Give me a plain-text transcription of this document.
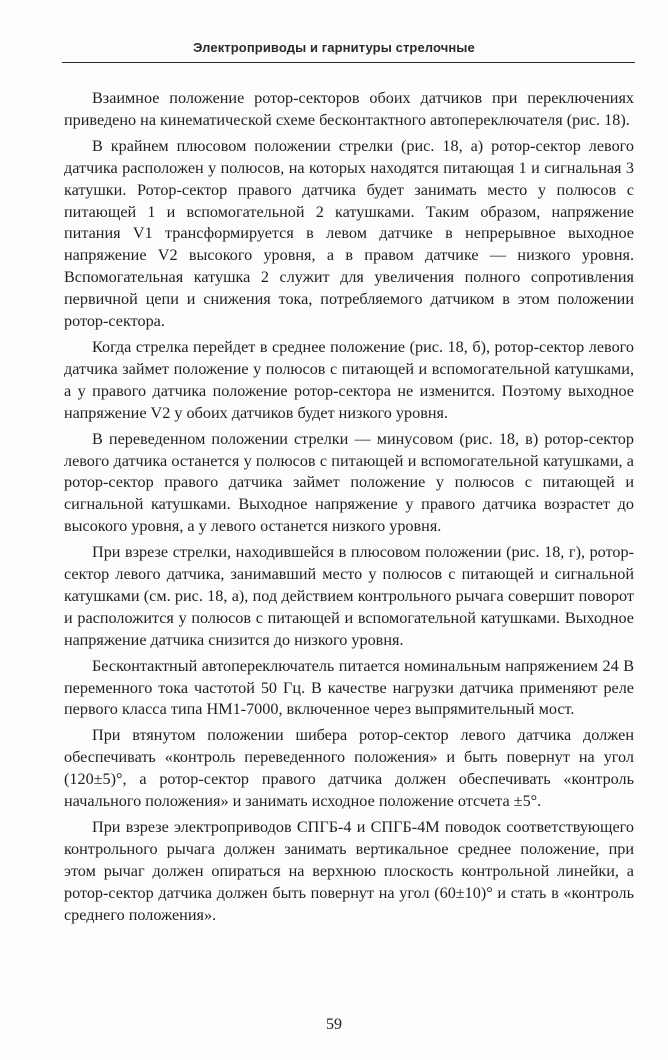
Электроприводы и гарнитуры стрелочные

Взаимное положение ротор-секторов обоих датчиков при переключениях приведено на кинематической схеме бесконтактного автопереключателя (рис. 18).

В крайнем плюсовом положении стрелки (рис. 18, а) ротор-сектор левого датчика расположен у полюсов, на которых находятся питающая 1 и сигнальная 3 катушки. Ротор-сектор правого датчика будет занимать место у полюсов с питающей 1 и вспомогательной 2 катушками. Таким образом, напряжение питания V1 трансформируется в левом датчике в непрерывное выходное напряжение V2 высокого уровня, а в правом датчике — низкого уровня. Вспомогательная катушка 2 служит для увеличения полного сопротивления первичной цепи и снижения тока, потребляемого датчиком в этом положении ротор-сектора.

Когда стрелка перейдет в среднее положение (рис. 18, б), ротор-сектор левого датчика займет положение у полюсов с питающей и вспомогательной катушками, а у правого датчика положение ротор-сектора не изменится. Поэтому выходное напряжение V2 у обоих датчиков будет низкого уровня.

В переведенном положении стрелки — минусовом (рис. 18, в) ротор-сектор левого датчика останется у полюсов с питающей и вспомогательной катушками, а ротор-сектор правого датчика займет положение у полюсов с питающей и сигнальной катушками. Выходное напряжение у правого датчика возрастет до высокого уровня, а у левого останется низкого уровня.

При взрезе стрелки, находившейся в плюсовом положении (рис. 18, г), ротор-сектор левого датчика, занимавший место у полюсов с питающей и сигнальной катушками (см. рис. 18, а), под действием контрольного рычага совершит поворот и расположится у полюсов с питающей и вспомогательной катушками. Выходное напряжение датчика снизится до низкого уровня.

Бесконтактный автопереключатель питается номинальным напряжением 24 В переменного тока частотой 50 Гц. В качестве нагрузки датчика применяют реле первого класса типа НМ1-7000, включенное через выпрямительный мост.

При втянутом положении шибера ротор-сектор левого датчика должен обеспечивать «контроль переведенного положения» и быть повернут на угол (120±5)°, а ротор-сектор правого датчика должен обеспечивать «контроль начального положения» и занимать исходное положение отсчета ±5°.

При взрезе электроприводов СПГБ-4 и СПГБ-4М поводок соответствующего контрольного рычага должен занимать вертикальное среднее положение, при этом рычаг должен опираться на верхнюю плоскость контрольной линейки, а ротор-сектор датчика должен быть повернут на угол (60±10)° и стать в «контроль среднего положения».

59
